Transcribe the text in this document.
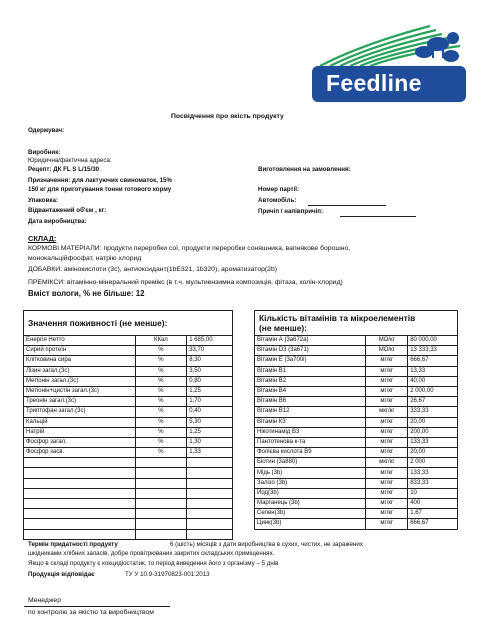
Feedline
Посвідчення про якість продукту
Одержувач:
Виробник:
Юридична/фактична адреса:
Рецепт: ДК FL S L/15/30
Призначення: для лактуючих свиноматок, 15%
150 кг для приготування тонни готового корму
Упаковка:
Відвантажений об'єм , кг:
Дата виробництва:
Виготовлення на замовлення:
Номер партії:
Автомобіль:
Причіп / напівпричіп:
СКЛАД:
КОРМОВІ МАТЕРІАЛИ: продукти переробки сої, продукти переробки соняшника, вапнякове борошно,
монокальційфосфат, натрію хлорид
ДОБАВКИ: амінокислоти (3c), антиоксидант(1bE321, 1b320), ароматизатор(2b)
ПРЕМІКСИ: вітамінно-мінеральний премікс (в т.ч. мультиензимна композиція, фітаза, холін-хлорид)
Вміст вологи, % не більше: 12
Значення поживності (не менше):
Енергія Нетто	ККал	1 685,00
Сирий протеїн	%	33,70
Клітковина сира	%	8,30
Лізин загал.(3с)	%	3,50
Метіонін загал.(3с)	%	0,80
Метіонін+цистін загал.(3с)	%	1,25
Треонін загал.(3с)	%	1,70
Триптофан загал.(3с)	%	0,40
Кальцій	%	5,30
Натрій	%	1,25
Фосфор загал.	%	1,30
Фосфор засв.	%	1,33

Кількість вітамінів та мікроелементів
(не менше):
Вітамін А (3a672a)	МО/кг	80 000,00
Вітамін D3 (3a671)	МО/кг	13 333,33
Вітамін Е (3a700i)	мг/кг	666,67
Вітамін В1	мг/кг	13,33
Вітамін В2	мг/кг	40,00
Вітамін В4	мг/кг	2 000,00
Вітамін В6	мг/кг	26,67
Вітамін В12	мкг/кг	333,33
Вітамін К3	мг/кг	20,00
Нікотинамід В3	мг/кг	200,00
Пантотенова к-та	мг/кг	133,33
Фолієва кислота В9	мг/кг	20,00
Біотин (3a880)	мкг/кг	2 000
Мідь (3b)	мг/кг	133,33
Залізо (3b)	мг/кг	833,33
Йод(3b)	мг/кг	10
Марганець (3b)	мг/кг	400
Селен(3b)	мг/кг	1,67
Цинк(3b)	мг/кг	666,67
Термін придатності продукту	6 (шість) місяців з дати виробництва в сухих, чистих, не заражених
шкідниками хлібних запасів, добре провітрюваних закритих складських приміщеннях.
Якщо в складі продукту є кокцидіостатик, то період виведення його з організму – 5 днів
Продукція відповідає	ТУ У 10.9-31970823-001:2013
Менеджер
по контролю за якістю та виробництвом
